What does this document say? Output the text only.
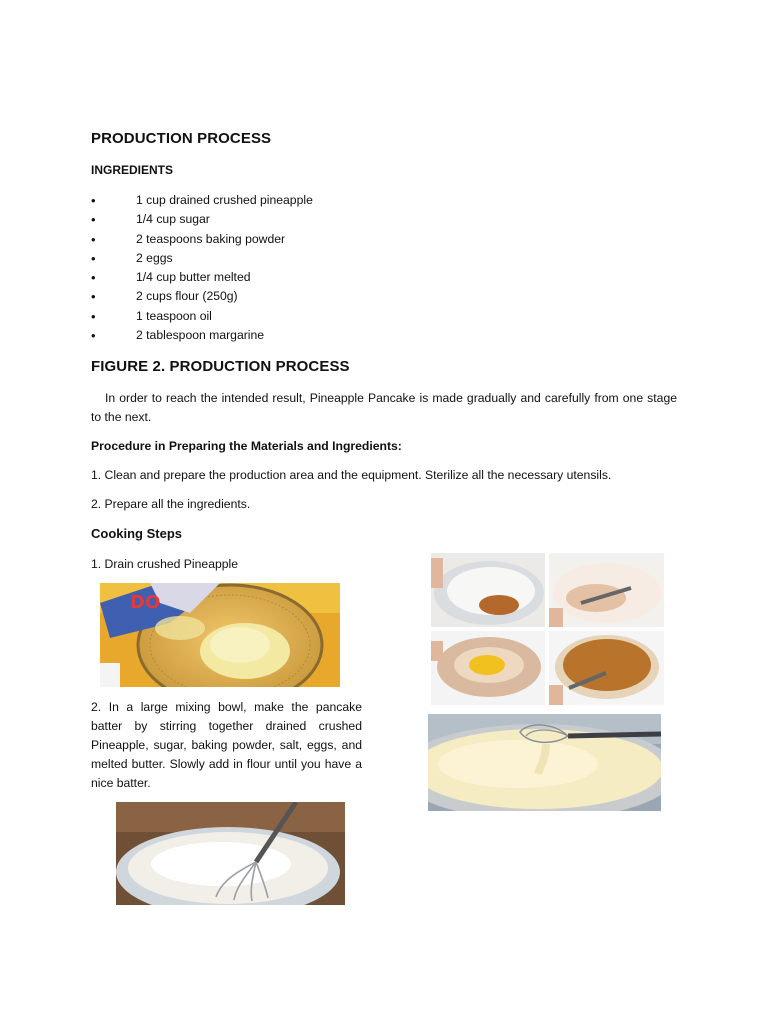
PRODUCTION PROCESS
INGREDIENTS
• 1 cup drained crushed pineapple
• 1/4 cup sugar
• 2 teaspoons baking powder
• 2 eggs
• 1/4 cup butter melted
• 2 cups flour (250g)
• 1 teaspoon oil
• 2 tablespoon margarine
FIGURE 2. PRODUCTION PROCESS
In order to reach the intended result, Pineapple Pancake is made gradually and carefully from one stage to the next.
Procedure in Preparing the Materials and Ingredients:
1. Clean and prepare the production area and the equipment. Sterilize all the necessary utensils.
2. Prepare all the ingredients.
Cooking Steps
1. Drain crushed Pineapple
DO
2. In a large mixing bowl, make the pancake batter by stirring together drained crushed Pineapple, sugar, baking powder, salt, eggs, and melted butter. Slowly add in flour until you have a nice batter.
